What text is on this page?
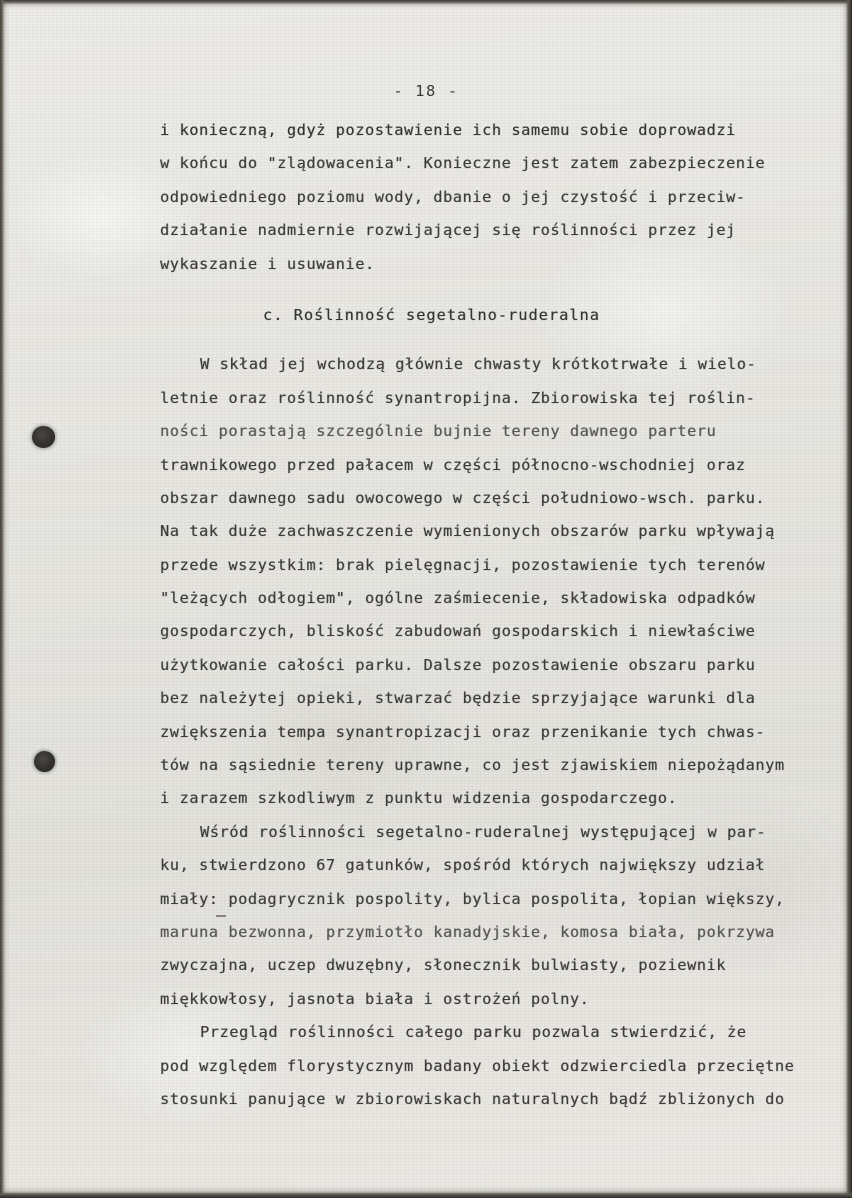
- 18 -
i konieczną, gdyż pozostawienie ich samemu sobie doprowadzi
w końcu do "zlądowacenia". Konieczne jest zatem zabezpieczenie
odpowiedniego poziomu wody, dbanie o jej czystość i przeciw-
działanie nadmiernie rozwijającej się roślinności przez jej
wykaszanie i usuwanie.
c. Roślinność segetalno-ruderalna
W skład jej wchodzą głównie chwasty krótkotrwałe i wielo-
letnie oraz roślinność synantropijna. Zbiorowiska tej roślin-
ności porastają szczególnie bujnie tereny dawnego parteru
trawnikowego przed pałacem w części północno-wschodniej oraz
obszar dawnego sadu owocowego w części południowo-wsch. parku.
Na tak duże zachwaszczenie wymienionych obszarów parku wpływają
przede wszystkim: brak pielęgnacji, pozostawienie tych terenów
"leżących odłogiem", ogólne zaśmiecenie, składowiska odpadków
gospodarczych, bliskość zabudowań gospodarskich i niewłaściwe
użytkowanie całości parku. Dalsze pozostawienie obszaru parku
bez należytej opieki, stwarzać będzie sprzyjające warunki dla
zwiększenia tempa synantropizacji oraz przenikanie tych chwas-
tów na sąsiednie tereny uprawne, co jest zjawiskiem niepożądanym
i zarazem szkodliwym z punktu widzenia gospodarczego.
Wśród roślinności segetalno-ruderalnej występującej w par-
ku, stwierdzono 67 gatunków, spośród których największy udział
miały: podagrycznik pospolity, bylica pospolita, łopian większy,
maruna bezwonna, przymiotło kanadyjskie, komosa biała, pokrzywa
zwyczajna, uczep dwuzębny, słonecznik bulwiasty, poziewnik
miękkowłosy, jasnota biała i ostrożeń polny.
Przegląd roślinności całego parku pozwala stwierdzić, że
pod względem florystycznym badany obiekt odzwierciedla przeciętne
stosunki panujące w zbiorowiskach naturalnych bądź zbliżonych do
